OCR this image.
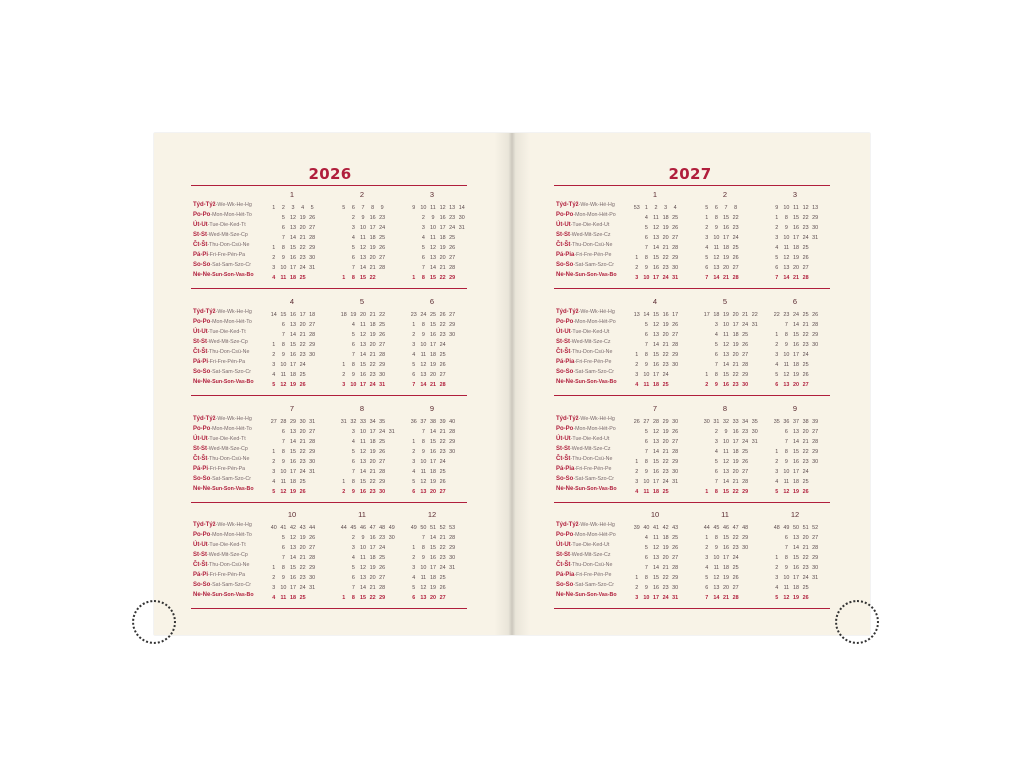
2026
Týd-Týž-We-Wk-He-Hg
Po-Po-Mon-Mon-Hét-To
Út-Ut-Tue-Die-Ked-Tt
St-St-Wed-Mit-Sze-Cp
Čt-Št-Thu-Don-Csü-Ne
Pá-Pi-Fri-Fre-Pén-Pa
So-So-Sat-Sam-Szo-Cr
Ne-Ne-Sun-Son-Vas-Bo
1
1 2 3 4 5
5 12 19 26
6 13 20 27
7 14 21 28
1 8 15 22 29
2 9 16 23 30
3 10 17 24 31
4 11 18 25
2
5 6 7 8 9
2 9 16 23
3 10 17 24
4 11 18 25
5 12 19 26
6 13 20 27
7 14 21 28
1 8 15 22
3
9 10 11 12 13 14
2 9 16 23 30
3 10 17 24 31
4 11 18 25
5 12 19 26
6 13 20 27
7 14 21 28
1 8 15 22 29
Týd-Týž-We-Wk-He-Hg
Po-Po-Mon-Mon-Hét-To
Út-Ut-Tue-Die-Ked-Tt
St-St-Wed-Mit-Sze-Cp
Čt-Št-Thu-Don-Csü-Ne
Pá-Pi-Fri-Fre-Pén-Pa
So-So-Sat-Sam-Szo-Cr
Ne-Ne-Sun-Son-Vas-Bo
4
14 15 16 17 18
6 13 20 27
7 14 21 28
1 8 15 22 29
2 9 16 23 30
3 10 17 24
4 11 18 25
5 12 19 26
5
18 19 20 21 22
4 11 18 25
5 12 19 26
6 13 20 27
7 14 21 28
1 8 15 22 29
2 9 16 23 30
3 10 17 24 31
6
23 24 25 26 27
1 8 15 22 29
2 9 16 23 30
3 10 17 24
4 11 18 25
5 12 19 26
6 13 20 27
7 14 21 28
Týd-Týž-We-Wk-He-Hg
Po-Po-Mon-Mon-Hét-To
Út-Ut-Tue-Die-Ked-Tt
St-St-Wed-Mit-Sze-Cp
Čt-Št-Thu-Don-Csü-Ne
Pá-Pi-Fri-Fre-Pén-Pa
So-So-Sat-Sam-Szo-Cr
Ne-Ne-Sun-Son-Vas-Bo
7
27 28 29 30 31
6 13 20 27
7 14 21 28
1 8 15 22 29
2 9 16 23 30
3 10 17 24 31
4 11 18 25
5 12 19 26
8
31 32 33 34 35
3 10 17 24 31
4 11 18 25
5 12 19 26
6 13 20 27
7 14 21 28
1 8 15 22 29
2 9 16 23 30
9
36 37 38 39 40
7 14 21 28
1 8 15 22 29
2 9 16 23 30
3 10 17 24
4 11 18 25
5 12 19 26
6 13 20 27
Týd-Týž-We-Wk-He-Hg
Po-Po-Mon-Mon-Hét-To
Út-Ut-Tue-Die-Ked-Tt
St-St-Wed-Mit-Sze-Cp
Čt-Št-Thu-Don-Csü-Ne
Pá-Pi-Fri-Fre-Pén-Pa
So-So-Sat-Sam-Szo-Cr
Ne-Ne-Sun-Son-Vas-Bo
10
40 41 42 43 44
5 12 19 26
6 13 20 27
7 14 21 28
1 8 15 22 29
2 9 16 23 30
3 10 17 24 31
4 11 18 25
11
44 45 46 47 48 49
2 9 16 23 30
3 10 17 24
4 11 18 25
5 12 19 26
6 13 20 27
7 14 21 28
1 8 15 22 29
12
49 50 51 52 53
7 14 21 28
1 8 15 22 29
2 9 16 23 30
3 10 17 24 31
4 11 18 25
5 12 19 26
6 13 20 27
2027
Týd-Týž-We-Wk-Hé-Hg
Po-Po-Mon-Mon-Hét-Po
Út-Ut-Tue-Die-Ked-Ut
St-St-Wed-Mit-Sze-Cz
Čt-Št-Thu-Don-Csü-Ne
Pá-Pia-Fri-Fre-Pén-Pe
So-So-Sat-Sam-Szo-Cr
Ne-Ne-Sun-Son-Vas-Bo
1
53 1 2 3 4
4 11 18 25
5 12 19 26
6 13 20 27
7 14 21 28
1 8 15 22 29
2 9 16 23 30
3 10 17 24 31
2
5 6 7 8
1 8 15 22
2 9 16 23
3 10 17 24
4 11 18 25
5 12 19 26
6 13 20 27
7 14 21 28
3
9 10 11 12 13
1 8 15 22 29
2 9 16 23 30
3 10 17 24 31
4 11 18 25
5 12 19 26
6 13 20 27
7 14 21 28
Týd-Týž-We-Wk-Hé-Hg
Po-Po-Mon-Mon-Hét-Po
Út-Ut-Tue-Die-Ked-Ut
St-St-Wed-Mit-Sze-Cz
Čt-Št-Thu-Don-Csü-Ne
Pá-Pia-Fri-Fre-Pén-Pe
So-So-Sat-Sam-Szo-Cr
Ne-Ne-Sun-Son-Vas-Bo
4
13 14 15 16 17
5 12 19 26
6 13 20 27
7 14 21 28
1 8 15 22 29
2 9 16 23 30
3 10 17 24
4 11 18 25
5
17 18 19 20 21 22
3 10 17 24 31
4 11 18 25
5 12 19 26
6 13 20 27
7 14 21 28
1 8 15 22 29
2 9 16 23 30
6
22 23 24 25 26
7 14 21 28
1 8 15 22 29
2 9 16 23 30
3 10 17 24
4 11 18 25
5 12 19 26
6 13 20 27
Týd-Týž-We-Wk-Hé-Hg
Po-Po-Mon-Mon-Hét-Po
Út-Ut-Tue-Die-Ked-Ut
St-St-Wed-Mit-Sze-Cz
Čt-Št-Thu-Don-Csü-Ne
Pá-Pia-Fri-Fre-Pén-Pe
So-So-Sat-Sam-Szo-Cr
Ne-Ne-Sun-Son-Vas-Bo
7
26 27 28 29 30
5 12 19 26
6 13 20 27
7 14 21 28
1 8 15 22 29
2 9 16 23 30
3 10 17 24 31
4 11 18 25
8
30 31 32 33 34 35
2 9 16 23 30
3 10 17 24 31
4 11 18 25
5 12 19 26
6 13 20 27
7 14 21 28
1 8 15 22 29
9
35 36 37 38 39
6 13 20 27
7 14 21 28
1 8 15 22 29
2 9 16 23 30
3 10 17 24
4 11 18 25
5 12 19 26
Týd-Týž-We-Wk-Hé-Hg
Po-Po-Mon-Mon-Hét-Po
Út-Ut-Tue-Die-Ked-Ut
St-St-Wed-Mit-Sze-Cz
Čt-Št-Thu-Don-Csü-Ne
Pá-Pia-Fri-Fre-Pén-Pe
So-So-Sat-Sam-Szo-Cr
Ne-Ne-Sun-Son-Vas-Bo
10
39 40 41 42 43
4 11 18 25
5 12 19 26
6 13 20 27
7 14 21 28
1 8 15 22 29
2 9 16 23 30
3 10 17 24 31
11
44 45 46 47 48
1 8 15 22 29
2 9 16 23 30
3 10 17 24
4 11 18 25
5 12 19 26
6 13 20 27
7 14 21 28
12
48 49 50 51 52
6 13 20 27
7 14 21 28
1 8 15 22 29
2 9 16 23 30
3 10 17 24 31
4 11 18 25
5 12 19 26
